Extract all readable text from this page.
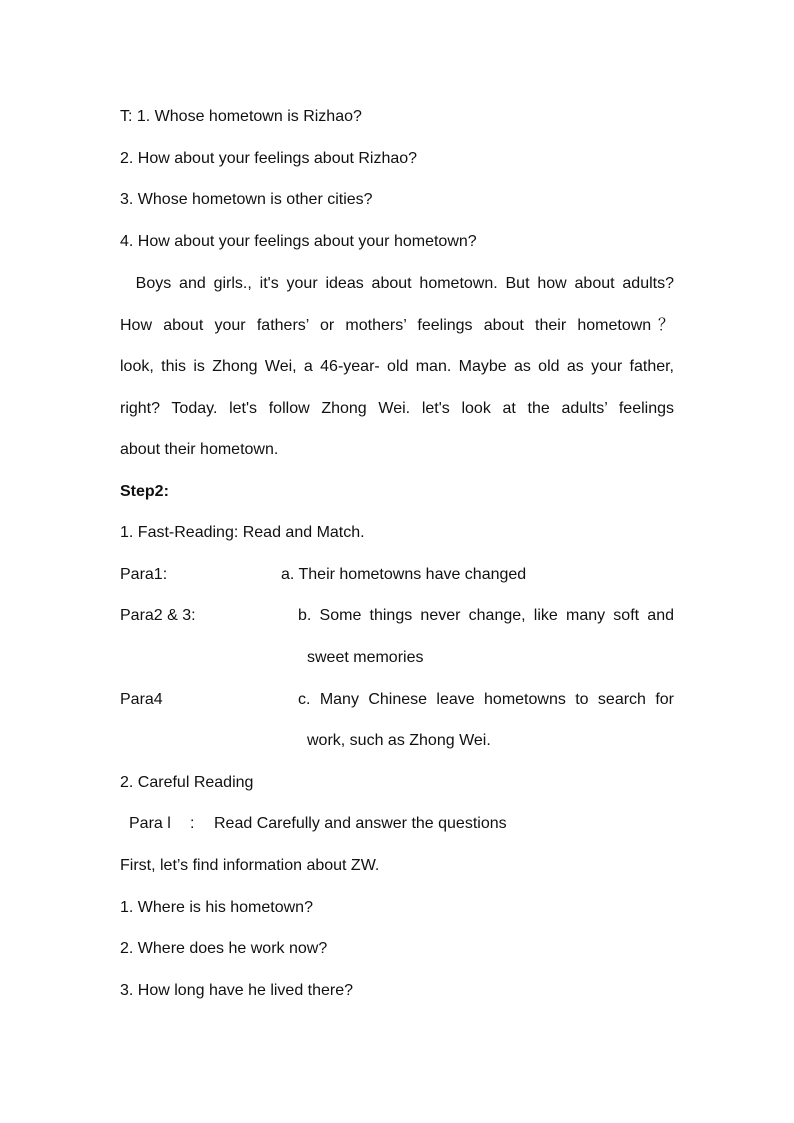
T: 1. Whose hometown is Rizhao?
2. How about your feelings about Rizhao?
3. Whose hometown is other cities?
4. How about your feelings about your hometown?
Boys and girls., it's your ideas about hometown. But how about adults?
How about your fathers’ or mothers’ feelings about their hometown？
look, this is Zhong Wei, a 46-year- old man. Maybe as old as your father,
right? Today. let's follow Zhong Wei. let's look at the adults’ feelings
about their hometown.
Step2:
1. Fast-Reading: Read and Match.
Para1:	a. Their hometowns have changed
Para2 & 3:	b. Some things never change, like many soft and
sweet memories
Para4	c. Many Chinese leave hometowns to search for
work, such as Zhong Wei.
2. Careful Reading
Para l : Read Carefully and answer the questions
First, let’s find information about ZW.
1. Where is his hometown?
2. Where does he work now?
3. How long have he lived there?
